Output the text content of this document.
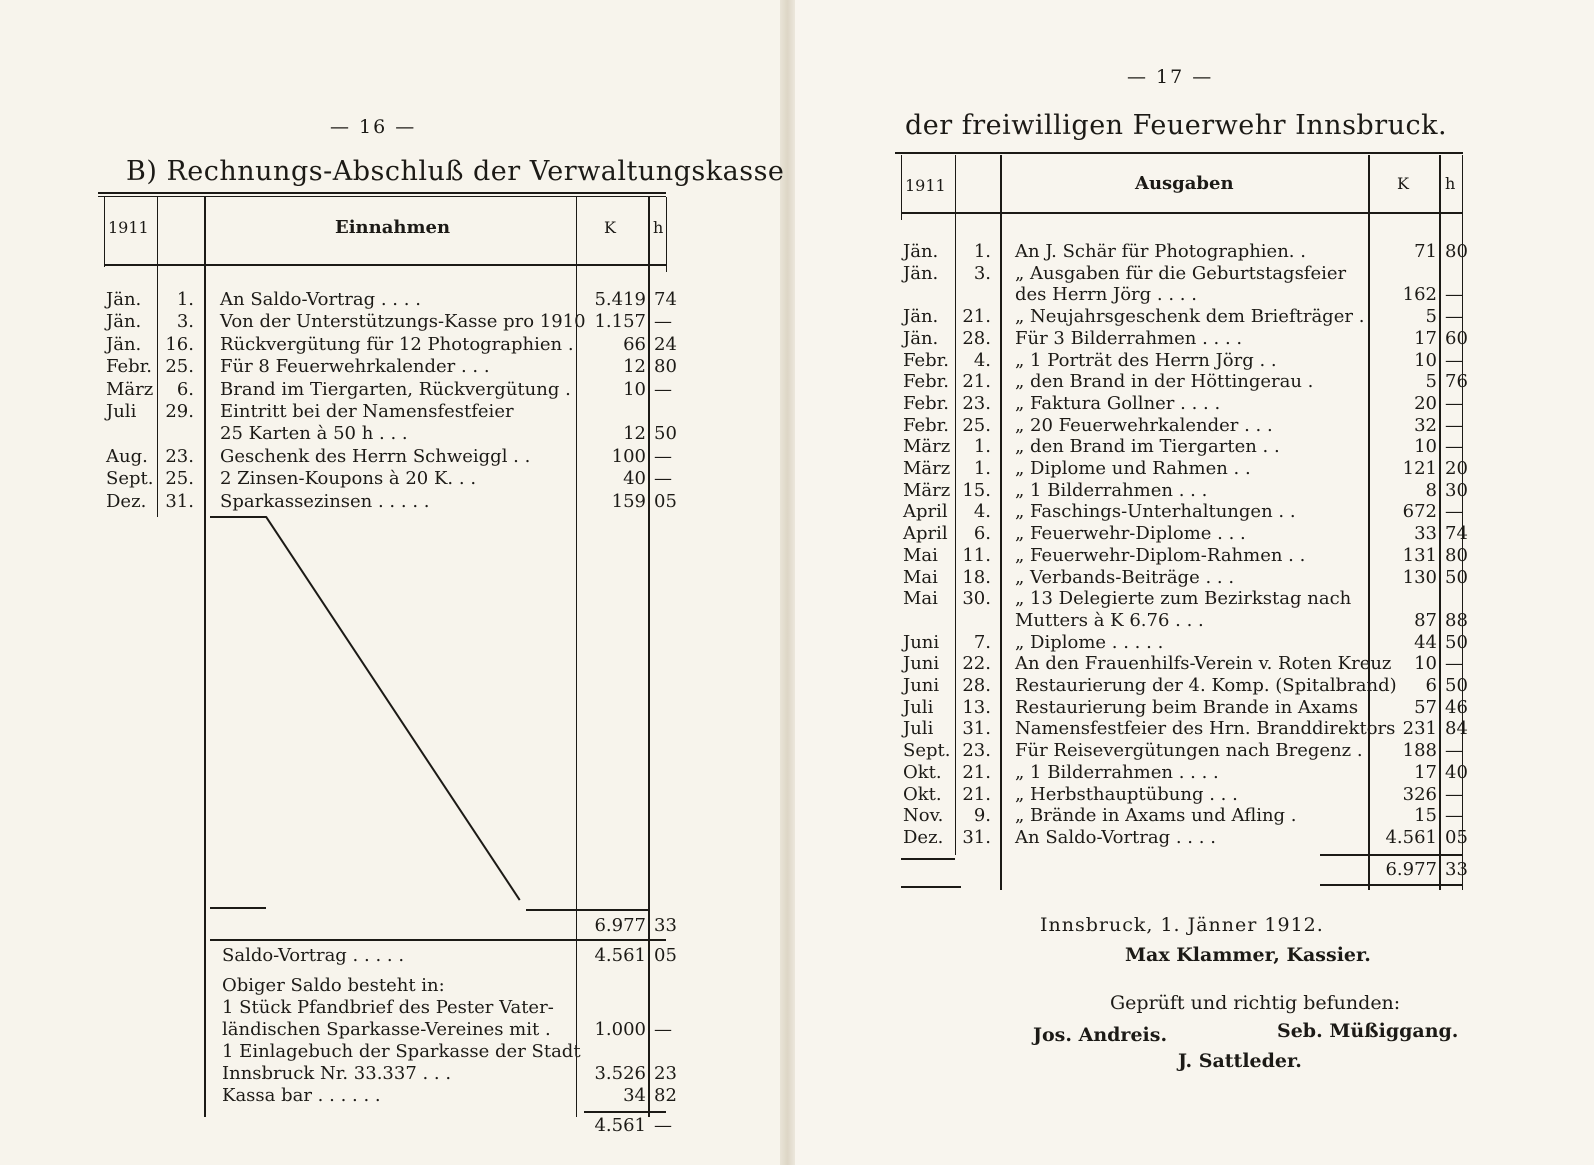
— 16 —
B) Rechnungs-Abschluß der Verwaltungskasse
1911	Einnahmen	K h
Jän.	1. An Saldo-Vortrag . . . .	5.419 74
Jän.	3. Von der Unterstützungs-Kasse pro 1910 1.157 —
Jän. 16. Rückvergütung für 12 Photographien .	66 24
Febr. 25. Für 8 Feuerwehrkalender . . .	12 80
März	6. Brand im Tiergarten, Rückvergütung .	10 —
Juli 29. Eintritt bei der Namensfestfeier
25 Karten à 50 h . . .	12 50
Aug. 23. Geschenk des Herrn Schweiggl . .	100 —
Sept. 25. 2 Zinsen-Koupons à 20 K. . .	40 —
Dez. 31. Sparkassezinsen . . . . .	159 05
6.977 33
Saldo-Vortrag . . . . .	4.561 05
Obiger Saldo besteht in:
1 Stück Pfandbrief des Pester Vater-
ländischen Sparkasse-Vereines mit .	1.000 —
1 Einlagebuch der Sparkasse der Stadt
Innsbruck Nr. 33.337 . . .	3.526 23
Kassa bar . . . . . .	34 82
4.561 —
— 17 —
der freiwilligen Feuerwehr Innsbruck.
1911	Ausgaben	K h
Jän.	1. An J. Schär für Photographien. .	71 80
Jän.	3. „ Ausgaben für die Geburtstagsfeier
des Herrn Jörg . . . .	162 —
Jän. 21. „ Neujahrsgeschenk dem Briefträger .	5 —
Jän. 28. Für 3 Bilderrahmen . . . .	17 60
Febr.	4. „ 1 Porträt des Herrn Jörg . .	10 —
Febr. 21. „ den Brand in der Höttingerau .	5 76
Febr. 23. „ Faktura Gollner . . . .	20 —
Febr. 25. „ 20 Feuerwehrkalender . . .	32 —
März	1. „ den Brand im Tiergarten . .	10 —
März	1. „ Diplome und Rahmen . .	121 20
März 15. „ 1 Bilderrahmen . . .	8 30
April	4. „ Faschings-Unterhaltungen . .	672 —
April	6. „ Feuerwehr-Diplome . . .	33 74
Mai 11. „ Feuerwehr-Diplom-Rahmen . .	131 80
Mai 18. „ Verbands-Beiträge . . .	130 50
Mai 30. „ 13 Delegierte zum Bezirkstag nach
Mutters à K 6.76 . . .	87 88
Juni	7. „ Diplome . . . . .	44 50
Juni 22. An den Frauenhilfs-Verein v. Roten Kreuz	10 —
Juni 28. Restaurierung der 4. Komp. (Spitalbrand)	6 50
Juli 13. Restaurierung beim Brande in Axams	57 46
Juli 31. Namensfestfeier des Hrn. Branddirektors 231 84
Sept. 23. Für Reisevergütungen nach Bregenz .	188 —
Okt. 21. „ 1 Bilderrahmen . . . .	17 40
Okt. 21. „ Herbsthauptübung . . .	326 —
Nov.	9. „ Brände in Axams und Afling .	15 —
Dez. 31. An Saldo-Vortrag . . . .	4.561 05
6.977 33
Innsbruck, 1. Jänner 1912.
Max Klammer, Kassier.
Geprüft und richtig befunden:
Jos. Andreis.	Seb. Müßiggang.
J. Sattleder.
